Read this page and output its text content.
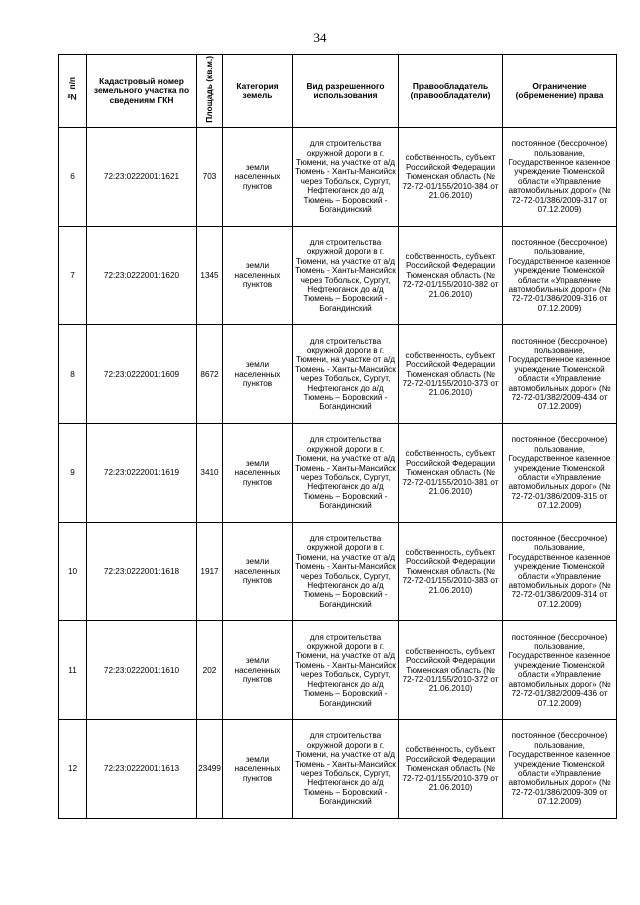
34
№ п/п	Кадастровый номер земельного участка по сведениям ГКН	Площадь (кв.м.)	Категория земель	Вид разрешенного использования	Правообладатель (правообладатели)	Ограничение (обременение) права
6	72:23:0222001:1621	703	земли населенных пунктов	для строительства окружной дороги в г. Тюмени, на участке от а/д Тюмень - Ханты-Мансийск через Тобольск, Сургут, Нефтеюганск до а/д Тюмень – Боровский - Богандинский	собственность, субъект Российской Федерации Тюменская область (№ 72-72-01/155/2010-384 от 21.06.2010)	постоянное (бессрочное) пользование, Государственное казенное учреждение Тюменской области «Управление автомобильных дорог» (№ 72-72-01/386/2009-317 от 07.12.2009)
7	72:23:0222001:1620	1345	земли населенных пунктов	для строительства окружной дороги в г. Тюмени, на участке от а/д Тюмень - Ханты-Мансийск через Тобольск, Сургут, Нефтеюганск до а/д Тюмень – Боровский - Богандинский	собственность, субъект Российской Федерации Тюменская область (№ 72-72-01/155/2010-382 от 21.06.2010)	постоянное (бессрочное) пользование, Государственное казенное учреждение Тюменской области «Управление автомобильных дорог» (№ 72-72-01/386/2009-316 от 07.12.2009)
8	72:23:0222001:1609	8672	земли населенных пунктов	для строительства окружной дороги в г. Тюмени, на участке от а/д Тюмень - Ханты-Мансийск через Тобольск, Сургут, Нефтеюганск до а/д Тюмень – Боровский - Богандинский	собственность, субъект Российской Федерации Тюменская область (№ 72-72-01/155/2010-373 от 21.06.2010)	постоянное (бессрочное) пользование, Государственное казенное учреждение Тюменской области «Управление автомобильных дорог» (№ 72-72-01/382/2009-434 от 07.12.2009)
9	72:23:0222001:1619	3410	земли населенных пунктов	для строительства окружной дороги в г. Тюмени, на участке от а/д Тюмень - Ханты-Мансийск через Тобольск, Сургут, Нефтеюганск до а/д Тюмень – Боровский - Богандинский	собственность, субъект Российской Федерации Тюменская область (№ 72-72-01/155/2010-381 от 21.06.2010)	постоянное (бессрочное) пользование, Государственное казенное учреждение Тюменской области «Управление автомобильных дорог» (№ 72-72-01/386/2009-315 от 07.12.2009)
10	72:23:0222001:1618	1917	земли населенных пунктов	для строительства окружной дороги в г. Тюмени, на участке от а/д Тюмень - Ханты-Мансийск через Тобольск, Сургут, Нефтеюганск до а/д Тюмень – Боровский - Богандинский	собственность, субъект Российской Федерации Тюменская область (№ 72-72-01/155/2010-383 от 21.06.2010)	постоянное (бессрочное) пользование, Государственное казенное учреждение Тюменской области «Управление автомобильных дорог» (№ 72-72-01/386/2009-314 от 07.12.2009)
11	72:23:0222001:1610	202	земли населенных пунктов	для строительства окружной дороги в г. Тюмени, на участке от а/д Тюмень - Ханты-Мансийск через Тобольск, Сургут, Нефтеюганск до а/д Тюмень – Боровский - Богандинский	собственность, субъект Российской Федерации Тюменская область (№ 72-72-01/155/2010-372 от 21.06.2010)	постоянное (бессрочное) пользование, Государственное казенное учреждение Тюменской области «Управление автомобильных дорог» (№ 72-72-01/382/2009-436 от 07.12.2009)
12	72:23:0222001:1613	23499	земли населенных пунктов	для строительства окружной дороги в г. Тюмени, на участке от а/д Тюмень - Ханты-Мансийск через Тобольск, Сургут, Нефтеюганск до а/д Тюмень – Боровский - Богандинский	собственность, субъект Российской Федерации Тюменская область (№ 72-72-01/155/2010-379 от 21.06.2010)	постоянное (бессрочное) пользование, Государственное казенное учреждение Тюменской области «Управление автомобильных дорог» (№ 72-72-01/386/2009-309 от 07.12.2009)
